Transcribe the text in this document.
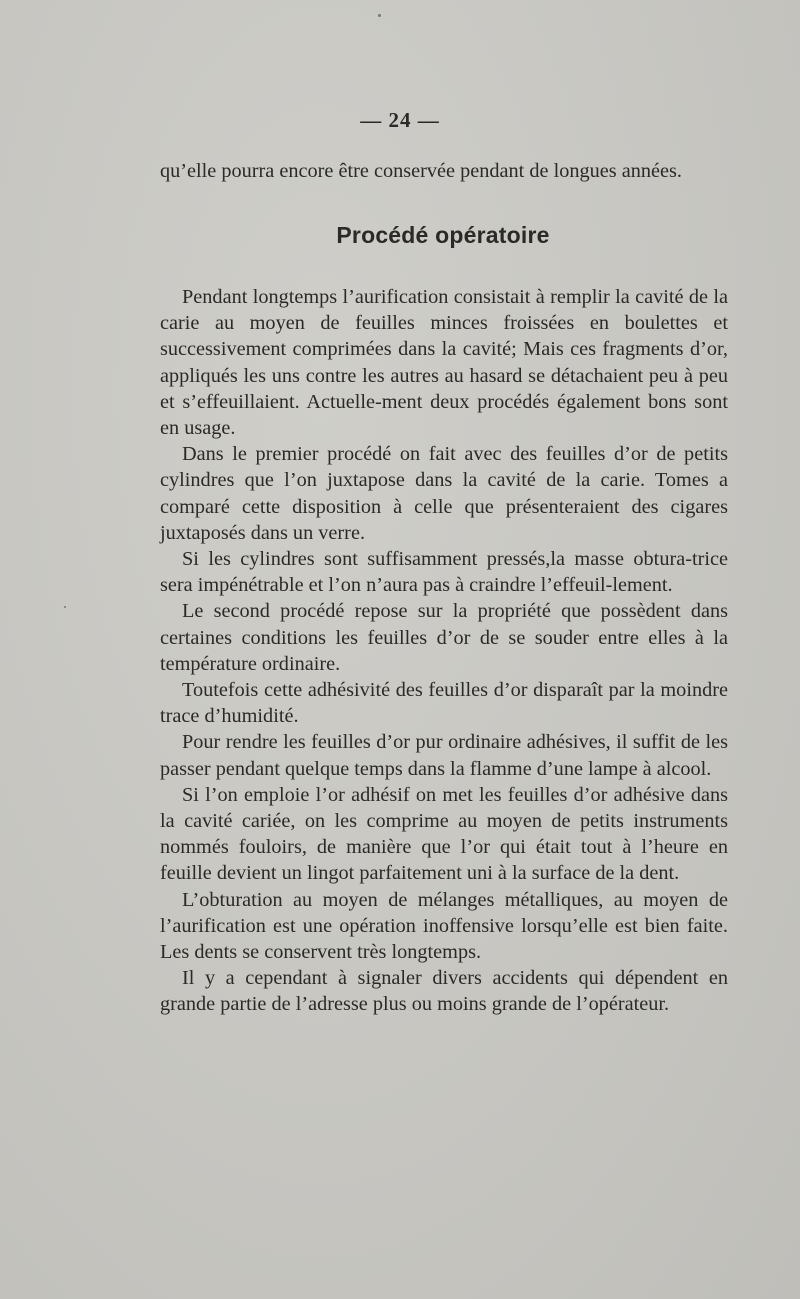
— 24 —

qu’elle pourra encore être conservée pendant de longues années.

Procédé opératoire

Pendant longtemps l’aurification consistait à remplir la cavité de la carie au moyen de feuilles minces froissées en boulettes et successivement comprimées dans la cavité; Mais ces fragments d’or, appliqués les uns contre les autres au hasard se détachaient peu à peu et s’effeuillaient. Actuelle-ment deux procédés également bons sont en usage.

Dans le premier procédé on fait avec des feuilles d’or de petits cylindres que l’on juxtapose dans la cavité de la carie. Tomes a comparé cette disposition à celle que présenteraient des cigares juxtaposés dans un verre.

Si les cylindres sont suffisamment pressés,la masse obtura-trice sera impénétrable et l’on n’aura pas à craindre l’effeuil-lement.

Le second procédé repose sur la propriété que possèdent dans certaines conditions les feuilles d’or de se souder entre elles à la température ordinaire.

Toutefois cette adhésivité des feuilles d’or disparaît par la moindre trace d’humidité.

Pour rendre les feuilles d’or pur ordinaire adhésives, il suffit de les passer pendant quelque temps dans la flamme d’une lampe à alcool.

Si l’on emploie l’or adhésif on met les feuilles d’or adhésive dans la cavité cariée, on les comprime au moyen de petits instruments nommés fouloirs, de manière que l’or qui était tout à l’heure en feuille devient un lingot parfaitement uni à la surface de la dent.

L’obturation au moyen de mélanges métalliques, au moyen de l’aurification est une opération inoffensive lorsqu’elle est bien faite. Les dents se conservent très longtemps.

Il y a cependant à signaler divers accidents qui dépendent en grande partie de l’adresse plus ou moins grande de l’opérateur.
